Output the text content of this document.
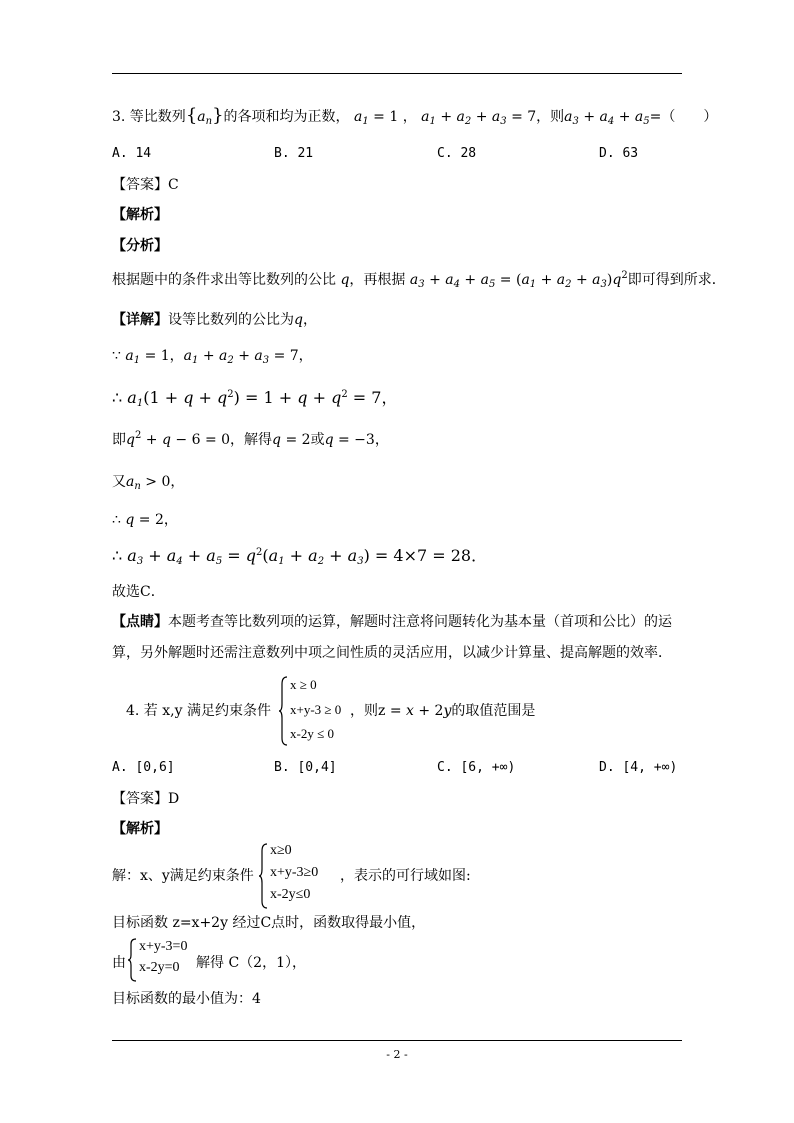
3. 等比数列$\{a_n\}$的各项和均为正数， $a_1 = 1$ ， $a_1 + a_2 + a_3 = 7$，则$a_3 + a_4 + a_5=$（　　）
A. 14	B. 21	C. 28	D. 63
【答案】C
【解析】
【分析】
根据题中的条件求出等比数列的公比 q，再根据 $a_3 + a_4 + a_5 = (a_1 + a_2 + a_3)q^2$即可得到所求．
【详解】设等比数列的公比为q，
∵ $a_1 = 1$，$a_1 + a_2 + a_3 = 7$，
∴ $a_1(1 + q + q^2) = 1 + q + q^2 = 7$，
即$q^2 + q - 6 = 0$，解得q = 2或q = −3，
又$a_n > 0$，
∴ q = 2，
∴ $a_3 + a_4 + a_5 = q^2(a_1 + a_2 + a_3) = 4\times 7 = 28$．
故选C．
【点睛】本题考查等比数列项的运算，解题时注意将问题转化为基本量（首项和公比）的运
算，另外解题时还需注意数列中项之间性质的灵活应用，以减少计算量、提高解题的效率．
4. 若 x,y 满足约束条件
x ≥ 0
x+y-3 ≥ 0
x-2y ≤ 0
，则z = x + 2y的取值范围是
A. [0,6]	B. [0,4]	C. [6, +∞)	D. [4, +∞)
【答案】D
【解析】
解：x、y满足约束条件
x≥0
x+y-3≥0
x-2y≤0
，表示的可行域如图:
目标函数 z=x+2y 经过C点时，函数取得最小值，
由
x+y-3=0
x-2y=0 解得 C（2，1），
目标函数的最小值为：4
- 2 -
